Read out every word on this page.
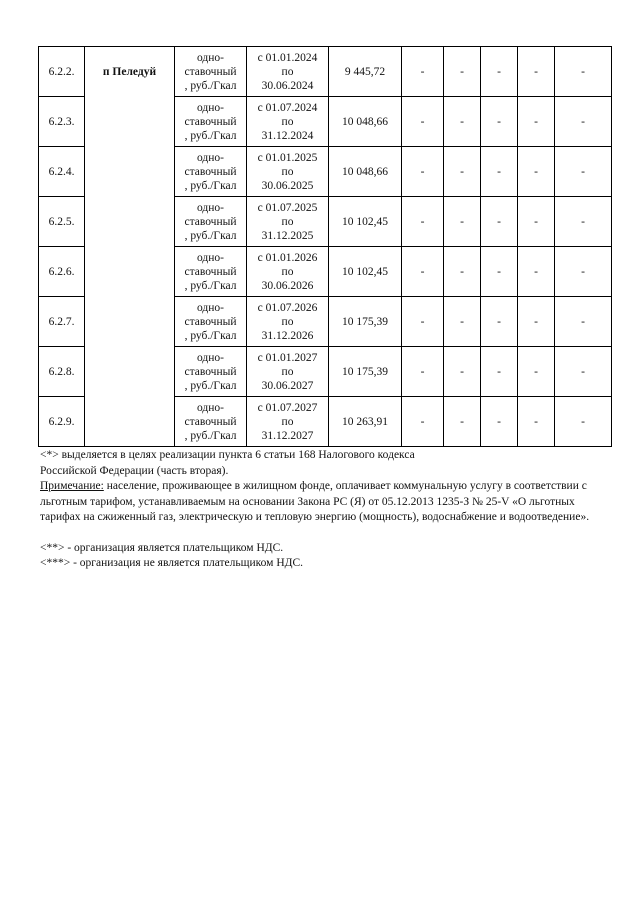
6.2.2.	п Пеледуй	одно-
ставочный
, руб./Гкал	с 01.01.2024
по
30.06.2024	9 445,72	-	-	-	-	-
6.2.3.		одно-
ставочный
, руб./Гкал	с 01.07.2024
по
31.12.2024	10 048,66	-	-	-	-	-
6.2.4.		одно-
ставочный
, руб./Гкал	с 01.01.2025
по
30.06.2025	10 048,66	-	-	-	-	-
6.2.5.		одно-
ставочный
, руб./Гкал	с 01.07.2025
по
31.12.2025	10 102,45	-	-	-	-	-
6.2.6.		одно-
ставочный
, руб./Гкал	с 01.01.2026
по
30.06.2026	10 102,45	-	-	-	-	-
6.2.7.		одно-
ставочный
, руб./Гкал	с 01.07.2026
по
31.12.2026	10 175,39	-	-	-	-	-
6.2.8.		одно-
ставочный
, руб./Гкал	с 01.01.2027
по
30.06.2027	10 175,39	-	-	-	-	-
6.2.9.		одно-
ставочный
, руб./Гкал	с 01.07.2027
по
31.12.2027	10 263,91	-	-	-	-	-

<*> выделяется в целях реализации пункта 6 статьи 168 Налогового кодекса

Российской Федерации (часть вторая).

Примечание: население, проживающее в жилищном фонде, оплачивает коммунальную услугу в соответствии с льготным тарифом, устанавливаемым на основании Закона РС (Я) от 05.12.2013 1235-З № 25-V «О льготных тарифах на сжиженный газ, электрическую и тепловую энергию (мощность), водоснабжение и водоотведение».

<**> - организация является плательщиком НДС.

<***> - организация не является плательщиком НДС.
